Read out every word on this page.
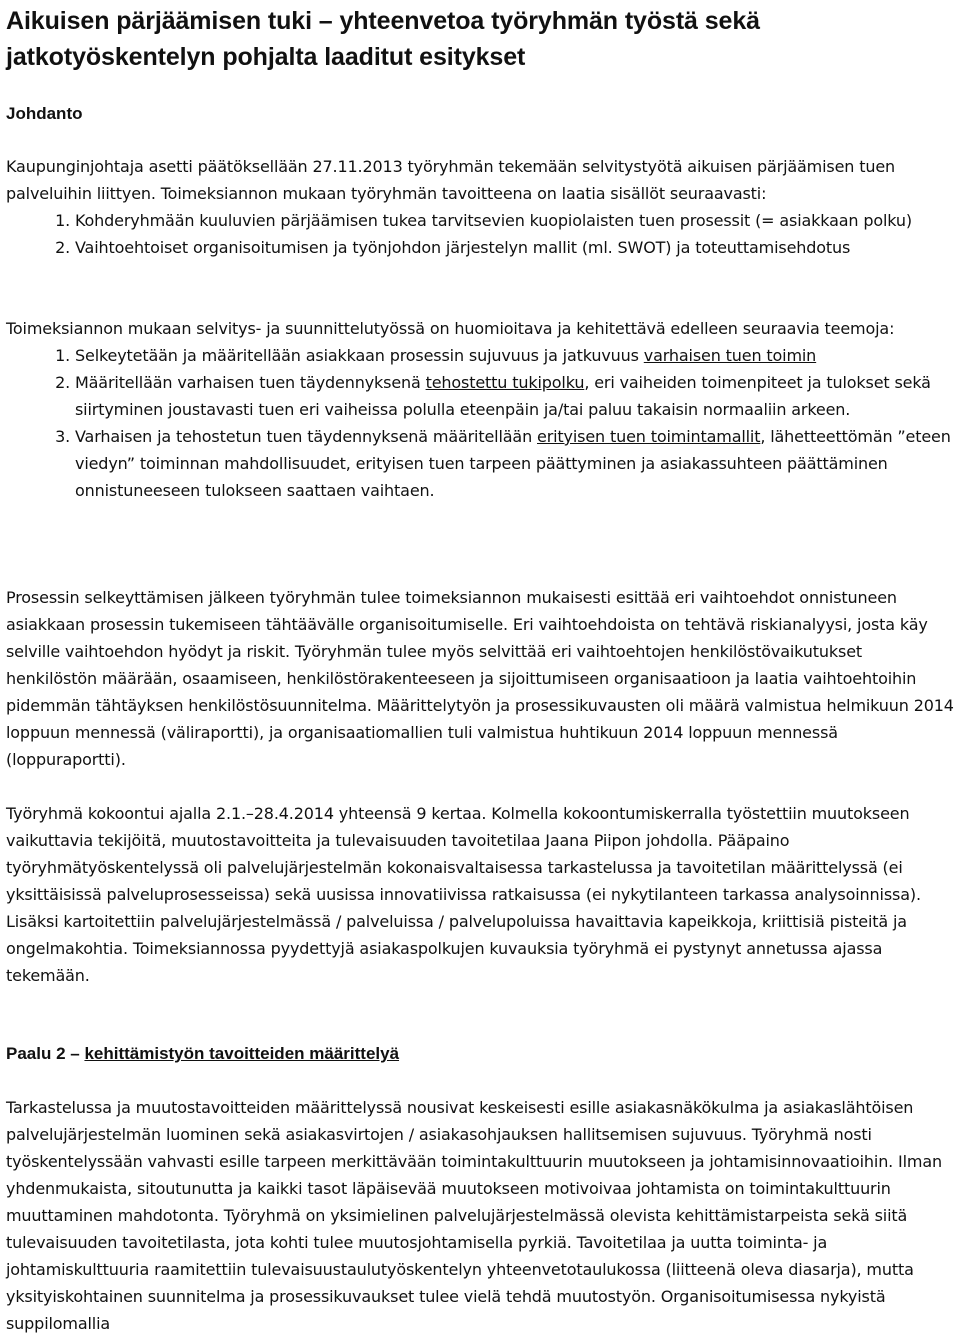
Aikuisen pärjäämisen tuki – yhteenvetoa työryhmän työstä sekä jatkotyöskentelyn pohjalta laaditut esitykset
Johdanto

Kaupunginjohtaja asetti päätöksellään 27.11.2013 työryhmän tekemään selvitystyötä aikuisen pärjäämisen tuen palveluihin liittyen. Toimeksiannon mukaan työryhmän tavoitteena on laatia sisällöt seuraavasti:

1. Kohderyhmään kuuluvien pärjäämisen tukea tarvitsevien kuopiolaisten tuen prosessit (= asiakkaan polku)
2. Vaihtoehtoiset organisoitumisen ja työnjohdon järjestelyn mallit (ml. SWOT) ja toteuttamisehdotus

Toimeksiannon mukaan selvitys- ja suunnittelutyössä on huomioitava ja kehitettävä edelleen seuraavia teemoja:

1. Selkeytetään ja määritellään asiakkaan prosessin sujuvuus ja jatkuvuus varhaisen tuen toimin
2. Määritellään varhaisen tuen täydennyksenä tehostettu tukipolku, eri vaiheiden toimenpiteet ja tulokset sekä siirtyminen joustavasti tuen eri vaiheissa polulla eteenpäin ja/tai paluu takaisin normaaliin arkeen.
3. Varhaisen ja tehostetun tuen täydennyksenä määritellään erityisen tuen toimintamallit, lähetteettömän ”eteen viedyn” toiminnan mahdollisuudet, erityisen tuen tarpeen päättyminen ja asiakassuhteen päättäminen onnistuneeseen tulokseen saattaen vaihtaen.
Prosessin selkeyttämisen jälkeen työryhmän tulee toimeksiannon mukaisesti esittää eri vaihtoehdot onnistuneen asiakkaan prosessin tukemiseen tähtäävälle organisoitumiselle. Eri vaihtoehdoista on tehtävä riskianalyysi, josta käy selville vaihtoehdon hyödyt ja riskit. Työryhmän tulee myös selvittää eri vaihtoehtojen henkilöstövaikutukset henkilöstön määrään, osaamiseen, henkilöstörakenteeseen ja sijoittumiseen organisaatioon ja laatia vaihtoehtoihin pidemmän tähtäyksen henkilöstösuunnitelma. Määrittelytyön ja prosessikuvausten oli määrä valmistua helmikuun 2014 loppuun mennessä (väliraportti), ja organisaatiomallien tuli valmistua huhtikuun 2014 loppuun mennessä (loppuraportti).
Työryhmä kokoontui ajalla 2.1.–28.4.2014 yhteensä 9 kertaa. Kolmella kokoontumiskerralla työstettiin muutokseen vaikuttavia tekijöitä, muutostavoitteita ja tulevaisuuden tavoitetilaa Jaana Piipon johdolla. Pääpaino työryhmätyöskentelyssä oli palvelujärjestelmän kokonaisvaltaisessa tarkastelussa ja tavoitetilan määrittelyssä (ei yksittäisissä palveluprosesseissa) sekä uusissa innovatiivissa ratkaisussa (ei nykytilanteen tarkassa analysoinnissa). Lisäksi kartoitettiin palvelujärjestelmässä / palveluissa / palvelupoluissa havaittavia kapeikkoja, kriittisiä pisteitä ja ongelmakohtia. Toimeksiannossa pyydettyjä asiakaspolkujen kuvauksia työryhmä ei pystynyt annetussa ajassa tekemään.
Paalu 2 – kehittämistyön tavoitteiden määrittelyä
Tarkastelussa ja muutostavoitteiden määrittelyssä nousivat keskeisesti esille asiakasnäkökulma ja asiakaslähtöisen palvelujärjestelmän luominen sekä asiakasvirtojen / asiakasohjauksen hallitsemisen sujuvuus. Työryhmä nosti työskentelyssään vahvasti esille tarpeen merkittävään toimintakulttuurin muutokseen ja johtamisinnovaatioihin. Ilman yhdenmukaista, sitoutunutta ja kaikki tasot läpäisevää muutokseen motivoivaa johtamista on toimintakulttuurin muuttaminen mahdotonta. Työryhmä on yksimielinen palvelujärjestelmässä olevista kehittämistarpeista sekä siitä tulevaisuuden tavoitetilasta, jota kohti tulee muutosjohtamisella pyrkiä. Tavoitetilaa ja uutta toiminta- ja johtamiskulttuuria raamitettiin tulevaisuustaulutyöskentelyn yhteenvetotaulukossa (liitteenä oleva diasarja), mutta yksityiskohtainen suunnitelma ja prosessikuvaukset tulee vielä tehdä muutostyön. Organisoitumisessa nykyistä suppilomallia
